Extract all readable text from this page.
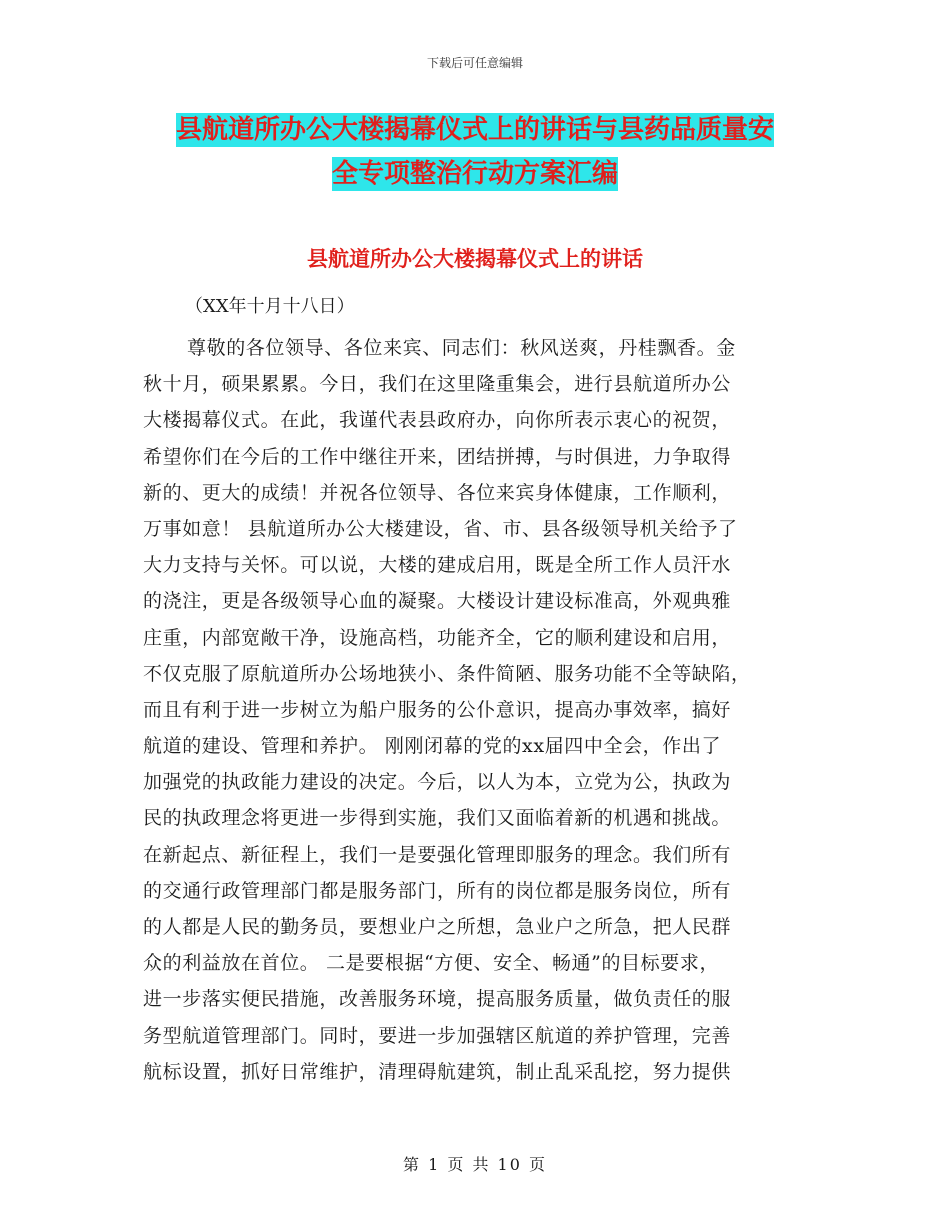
下载后可任意编辑
县航道所办公大楼揭幕仪式上的讲话与县药品质量安
全专项整治行动方案汇编
县航道所办公大楼揭幕仪式上的讲话
（XX年十月十八日）
尊敬的各位领导、各位来宾、同志们：秋风送爽，丹桂飘香。金
秋十月，硕果累累。今日，我们在这里隆重集会，进行县航道所办公
大楼揭幕仪式。在此，我谨代表县政府办，向你所表示衷心的祝贺，
希望你们在今后的工作中继往开来，团结拼搏，与时俱进，力争取得
新的、更大的成绩！并祝各位领导、各位来宾身体健康，工作顺利，
万事如意！ 县航道所办公大楼建设，省、市、县各级领导机关给予了
大力支持与关怀。可以说，大楼的建成启用，既是全所工作人员汗水
的浇注，更是各级领导心血的凝聚。大楼设计建设标准高，外观典雅
庄重，内部宽敞干净，设施高档，功能齐全，它的顺利建设和启用，
不仅克服了原航道所办公场地狭小、条件简陋、服务功能不全等缺陷，
而且有利于进一步树立为船户服务的公仆意识，提高办事效率，搞好
航道的建设、管理和养护。 刚刚闭幕的党的xx届四中全会，作出了
加强党的执政能力建设的决定。今后，以人为本，立党为公，执政为
民的执政理念将更进一步得到实施，我们又面临着新的机遇和挑战。
在新起点、新征程上，我们一是要强化管理即服务的理念。我们所有
的交通行政管理部门都是服务部门，所有的岗位都是服务岗位，所有
的人都是人民的勤务员，要想业户之所想，急业户之所急，把人民群
众的利益放在首位。 二是要根据“方便、安全、畅通”的目标要求，
进一步落实便民措施，改善服务环境，提高服务质量，做负责任的服
务型航道管理部门。同时，要进一步加强辖区航道的养护管理，完善
航标设置，抓好日常维护，清理碍航建筑，制止乱采乱挖，努力提供
第 1 页 共 10 页
